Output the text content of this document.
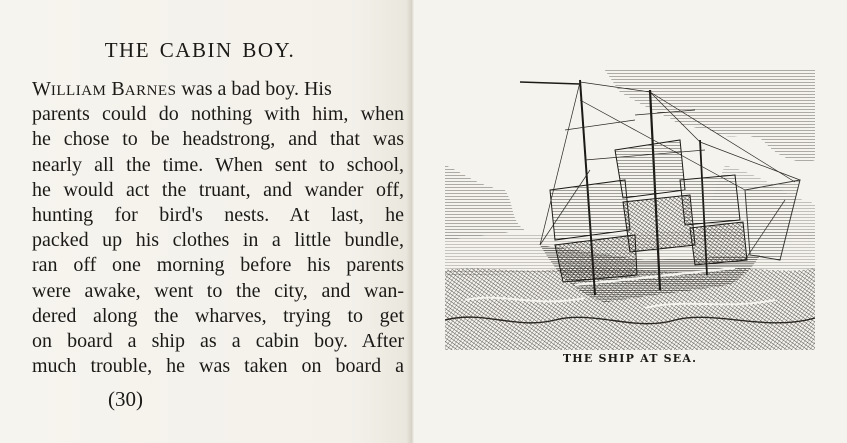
THE CABIN BOY.
WILLIAM BARNES was a bad boy. His
parents could do nothing with him, when
he chose to be headstrong, and that was
nearly all the time. When sent to school,
he would act the truant, and wander off,
hunting for bird's nests. At last, he
packed up his clothes in a little bundle,
ran off one morning before his parents
were awake, went to the city, and wan-
dered along the wharves, trying to get
on board a ship as a cabin boy. After
much trouble, he was taken on board a
(30)
THE SHIP AT SEA.
